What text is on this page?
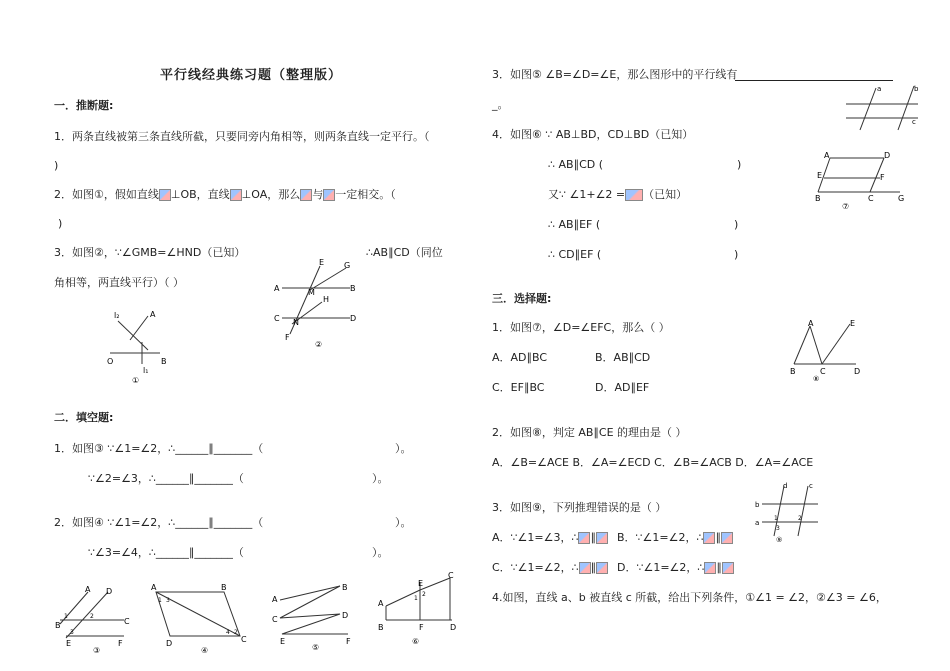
平行线经典练习题（整理版）
一．推断题:
1．两条直线被第三条直线所截，只要同旁内角相等，则两条直线一定平行。（
)
2．如图①，假如直线 ⊥OB，直线 ⊥OA，那么 与 一定相交。（
)
3．如图②，∵∠GMB=∠HND（已知）	∴AB∥CD（同位
角相等，两直线平行）（ ）
l₂	A
O	B
l₁
①
E G
A	M	B
H
C N	D
F
②
二．填空题:
1．如图③ ∵∠1=∠2，∴______∥_______（	）。
∵∠2=∠3，∴______∥_______（	）。
2．如图④ ∵∠1=∠2，∴______∥_______（	）。
∵∠3=∠4，∴______∥_______（	）。
A D
B	C
E	F
1	2
3
③
A	B
D	C
1 3
4 2
④
A
B
C	D
E	F
⑤
A
E
C
B	F	D
1
2
⑥
3．如图⑤ ∠B=∠D=∠E，那么图形中的平行线有
_。
a	b
c
4．如图⑥ ∵ AB⊥BD，CD⊥BD（已知）
∴ AB∥CD (	)
又∵ ∠1+∠2 = （已知）
∴ AB∥EF (	)
∴ CD∥EF (	)
A	D
E	F
B	C	G
⑦
三．选择题:
1．如图⑦，∠D=∠EFC，那么（ ）
A．AD∥BC	B．AB∥CD
C．EF∥BC	D．AD∥EF
A	E
B	C	D
⑧
2．如图⑧，判定 AB∥CE 的理由是（ ）
A．∠B=∠ACE B．∠A=∠ECD C．∠B=∠ACB D．∠A=∠ACE
3．如图⑨，下列推理错误的是（ ）
d	c
b
a
1	2
3
⑨
A．∵∠1=∠3，∴ ∥	B．∵∠1=∠2，∴ ∥
C．∵∠1=∠2，∴ ∥	D．∵∠1=∠2，∴ ∥
4.如图，直线 a、b 被直线 c 所截，给出下列条件，①∠1 = ∠2，②∠3 = ∠6，
